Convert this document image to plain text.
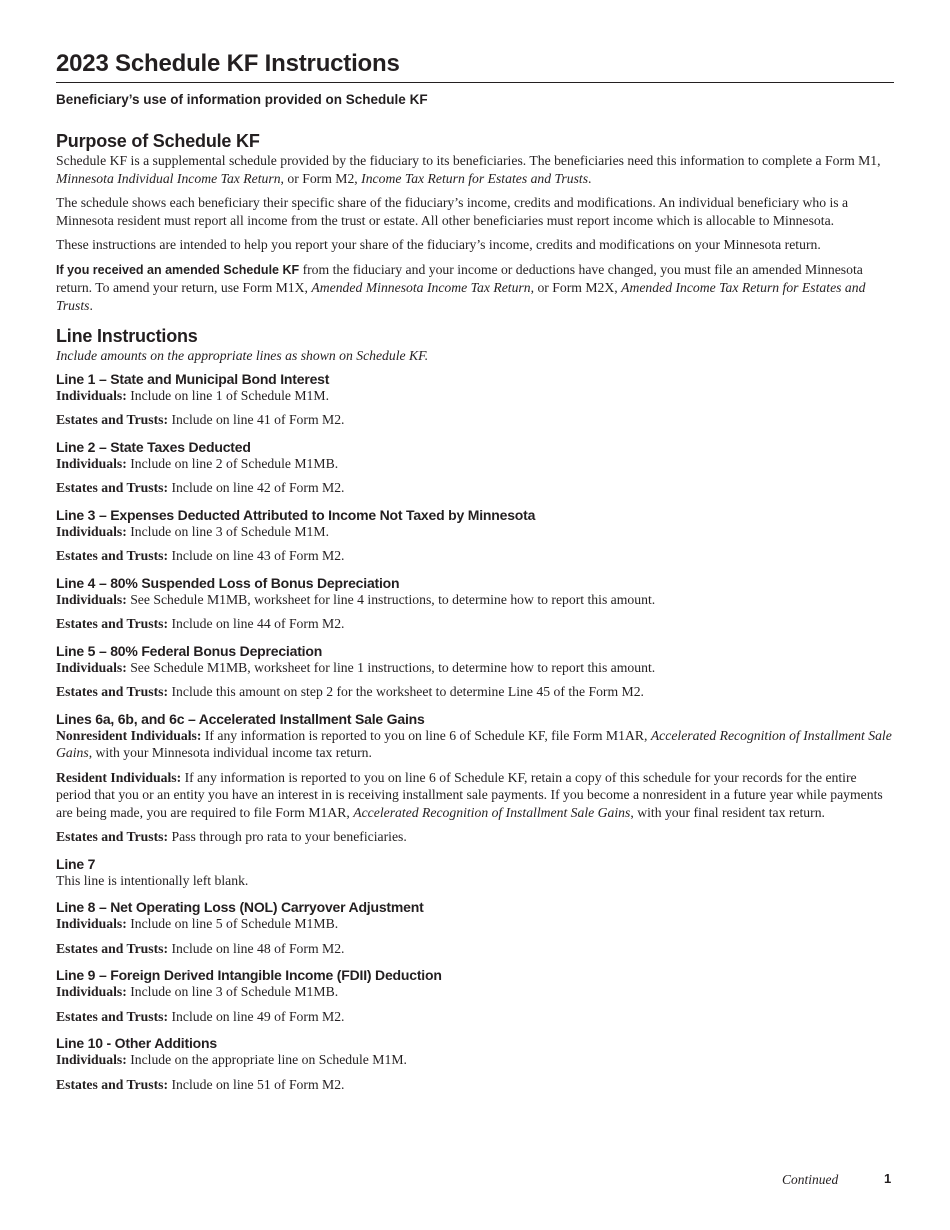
2023 Schedule KF Instructions
Beneficiary’s use of information provided on Schedule KF
Purpose of Schedule KF

Schedule KF is a supplemental schedule provided by the fiduciary to its beneficiaries. The beneficiaries need this information to complete a Form M1, Minnesota Individual Income Tax Return, or Form M2, Income Tax Return for Estates and Trusts.

The schedule shows each beneficiary their specific share of the fiduciary’s income, credits and modifications. An individual beneficiary who is a Minnesota resident must report all income from the trust or estate. All other beneficiaries must report income which is allocable to Minnesota.

These instructions are intended to help you report your share of the fiduciary’s income, credits and modifications on your Minnesota return.

If you received an amended Schedule KF from the fiduciary and your income or deductions have changed, you must file an amended Minnesota return. To amend your return, use Form M1X, Amended Minnesota Income Tax Return, or Form M2X, Amended Income Tax Return for Estates and Trusts.

Line Instructions

Include amounts on the appropriate lines as shown on Schedule KF.

Line 1 – State and Municipal Bond Interest

Individuals: Include on line 1 of Schedule M1M.

Estates and Trusts: Include on line 41 of Form M2.

Line 2 – State Taxes Deducted

Individuals: Include on line 2 of Schedule M1MB.

Estates and Trusts: Include on line 42 of Form M2.

Line 3 – Expenses Deducted Attributed to Income Not Taxed by Minnesota

Individuals: Include on line 3 of Schedule M1M.

Estates and Trusts: Include on line 43 of Form M2.

Line 4 – 80% Suspended Loss of Bonus Depreciation

Individuals: See Schedule M1MB, worksheet for line 4 instructions, to determine how to report this amount.

Estates and Trusts: Include on line 44 of Form M2.

Line 5 – 80% Federal Bonus Depreciation

Individuals: See Schedule M1MB, worksheet for line 1 instructions, to determine how to report this amount.

Estates and Trusts: Include this amount on step 2 for the worksheet to determine Line 45 of the Form M2.

Lines 6a, 6b, and 6c – Accelerated Installment Sale Gains

Nonresident Individuals: If any information is reported to you on line 6 of Schedule KF, file Form M1AR, Accelerated Recognition of Installment Sale Gains, with your Minnesota individual income tax return.

Resident Individuals: If any information is reported to you on line 6 of Schedule KF, retain a copy of this schedule for your records for the entire period that you or an entity you have an interest in is receiving installment sale payments. If you become a nonresident in a future year while payments are being made, you are required to file Form M1AR, Accelerated Recognition of Installment Sale Gains, with your final resident tax return.

Estates and Trusts: Pass through pro rata to your beneficiaries.

Line 7

This line is intentionally left blank.

Line 8 – Net Operating Loss (NOL) Carryover Adjustment

Individuals: Include on line 5 of Schedule M1MB.

Estates and Trusts: Include on line 48 of Form M2.

Line 9 – Foreign Derived Intangible Income (FDII) Deduction

Individuals: Include on line 3 of Schedule M1MB.

Estates and Trusts: Include on line 49 of Form M2.

Line 10 - Other Additions

Individuals: Include on the appropriate line on Schedule M1M.

Estates and Trusts: Include on line 51 of Form M2.

Continued	1
